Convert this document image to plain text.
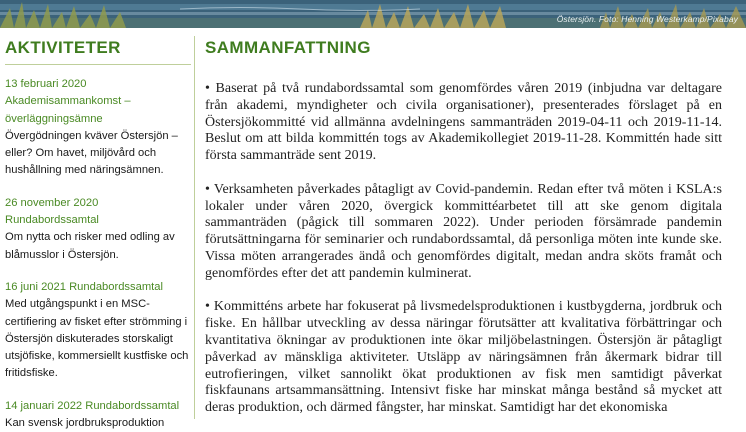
Östersjön. Foto: Henning Westerkamp/Pixabay
AKTIVITETER
13 februari 2020 Akademisammankomst – överläggningsämne
Övergödningen kväver Östersjön – eller? Om havet, miljövård och hushållning med näringsämnen.
26 november 2020 Rundabordssamtal
Om nytta och risker med odling av blåmusslor i Östersjön.
16 juni 2021 Rundabordssamtal
Med utgångspunkt i en MSC-certifiering av fisket efter strömming i Östersjön diskuterades storskaligt utsjöfiske, kommersiellt kustfiske och fritidsfiske.
14 januari 2022 Rundabordssamtal
Kan svensk jordbruksproduktion
SAMMANFATTNING

• Baserat på två rundabordssamtal som genomfördes våren 2019 (inbjudna var deltagare från akademi, myndigheter och civila organisationer), presenterades förslaget på en Östersjökommitté vid allmänna avdelningens sammanträden 2019-04-11 och 2019-11-14. Beslut om att bilda kommittén togs av Akademikollegiet 2019-11-28. Kommittén hade sitt första sammanträde sent 2019.

• Verksamheten påverkades påtagligt av Covid-pandemin. Redan efter två möten i KSLA:s lokaler under våren 2020, övergick kommittéarbetet till att ske genom digitala sammanträden (pågick till sommaren 2022). Under perioden försämrade pandemin förutsättningarna för seminarier och rundabordssamtal, då personliga möten inte kunde ske. Vissa möten arrangerades ändå och genomfördes digitalt, medan andra sköts framåt och genomfördes efter det att pandemin kulminerat.

• Kommitténs arbete har fokuserat på livsmedelsproduktionen i kustbygderna, jordbruk och fiske. En hållbar utveckling av dessa näringar förutsätter att kvalitativa förbättringar och kvantitativa ökningar av produktionen inte ökar miljöbelastningen. Östersjön är påtagligt påverkad av mänskliga aktiviteter. Utsläpp av näringsämnen från åkermark bidrar till eutrofieringen, vilket sannolikt ökat produktionen av fisk men samtidigt påverkat fiskfaunans artsammansättning. Intensivt fiske har minskat många bestånd så mycket att deras produktion, och därmed fångster, har minskat. Samtidigt har det ekonomiska
